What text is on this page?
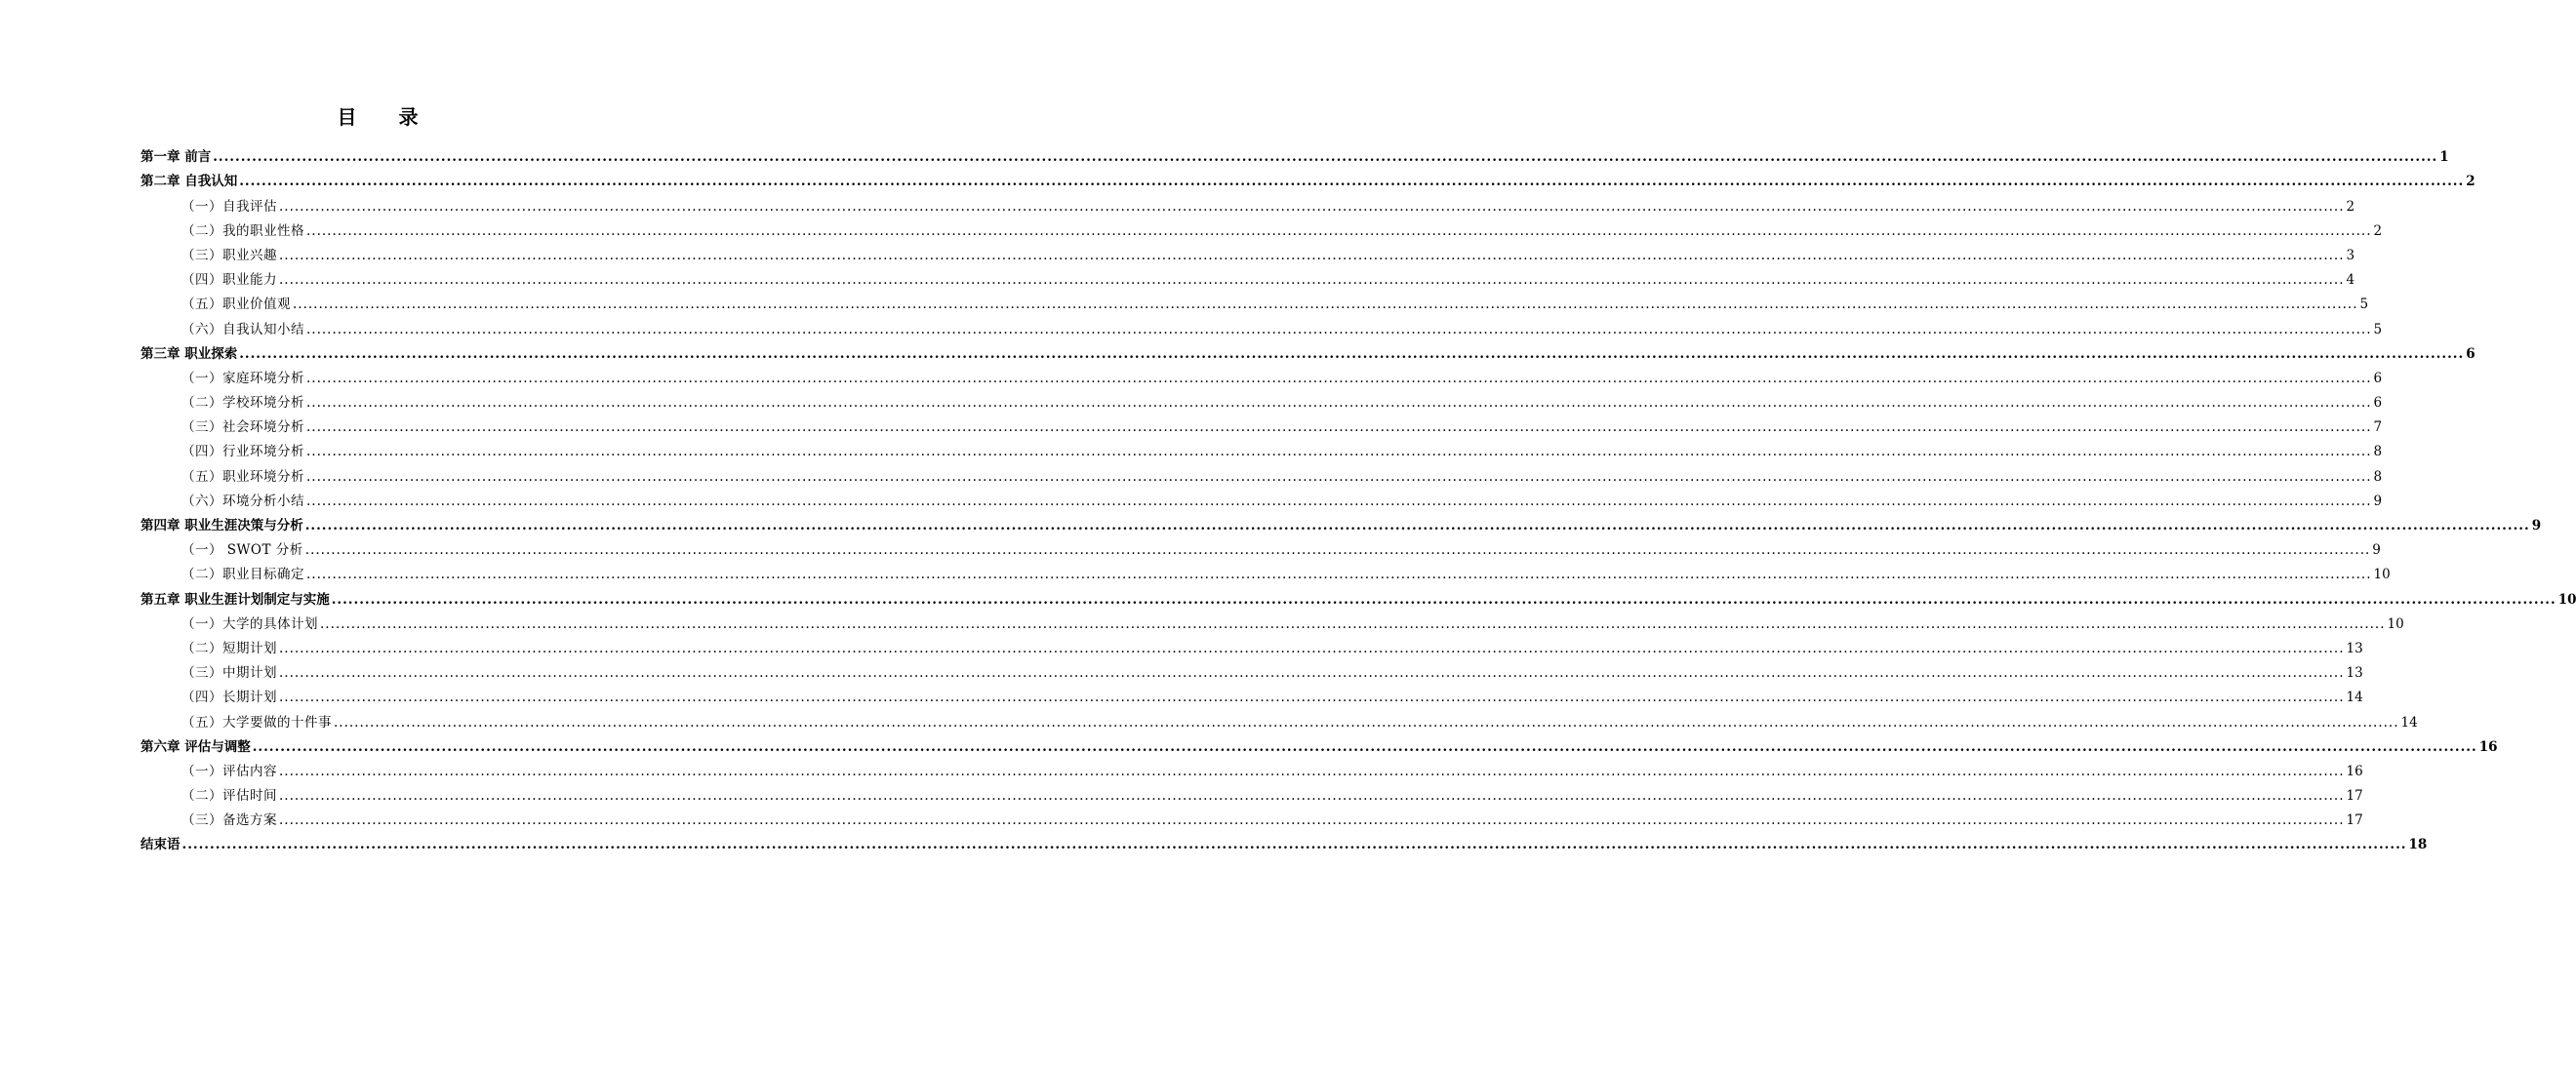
目 录
第一章 前言 ................................................................................................................................................................................................................................................................................................................................................................................................................ 1
第二章 自我认知 ................................................................................................................................................................................................................................................................................................................................................................................................................ 2
（一）自我评估 ................................................................................................................................................................................................................................................................................................................................................................................................................ 2
（二）我的职业性格 ................................................................................................................................................................................................................................................................................................................................................................................................................ 2
（三）职业兴趣 ................................................................................................................................................................................................................................................................................................................................................................................................................ 3
（四）职业能力 ................................................................................................................................................................................................................................................................................................................................................................................................................ 4
（五）职业价值观 ................................................................................................................................................................................................................................................................................................................................................................................................................ 5
（六）自我认知小结 ................................................................................................................................................................................................................................................................................................................................................................................................................ 5
第三章 职业探索 ................................................................................................................................................................................................................................................................................................................................................................................................................ 6
（一）家庭环境分析 ................................................................................................................................................................................................................................................................................................................................................................................................................ 6
（二）学校环境分析 ................................................................................................................................................................................................................................................................................................................................................................................................................ 6
（三）社会环境分析 ................................................................................................................................................................................................................................................................................................................................................................................................................ 7
（四）行业环境分析 ................................................................................................................................................................................................................................................................................................................................................................................................................ 8
（五）职业环境分析 ................................................................................................................................................................................................................................................................................................................................................................................................................ 8
（六）环境分析小结 ................................................................................................................................................................................................................................................................................................................................................................................................................ 9
第四章 职业生涯决策与分析 ................................................................................................................................................................................................................................................................................................................................................................................................................ 9
（一） SWOT 分析 ................................................................................................................................................................................................................................................................................................................................................................................................................ 9
（二）职业目标确定 ................................................................................................................................................................................................................................................................................................................................................................................................................ 10
第五章 职业生涯计划制定与实施 ................................................................................................................................................................................................................................................................................................................................................................................................................ 10
（一）大学的具体计划 ................................................................................................................................................................................................................................................................................................................................................................................................................ 10
（二）短期计划 ................................................................................................................................................................................................................................................................................................................................................................................................................ 13
（三）中期计划 ................................................................................................................................................................................................................................................................................................................................................................................................................ 13
（四）长期计划 ................................................................................................................................................................................................................................................................................................................................................................................................................ 14
（五）大学要做的十件事 ................................................................................................................................................................................................................................................................................................................................................................................................................ 14
第六章 评估与调整 ................................................................................................................................................................................................................................................................................................................................................................................................................ 16
（一）评估内容 ................................................................................................................................................................................................................................................................................................................................................................................................................ 16
（二）评估时间 ................................................................................................................................................................................................................................................................................................................................................................................................................ 17
（三）备选方案 ................................................................................................................................................................................................................................................................................................................................................................................................................ 17
结束语 ................................................................................................................................................................................................................................................................................................................................................................................................................ 18
